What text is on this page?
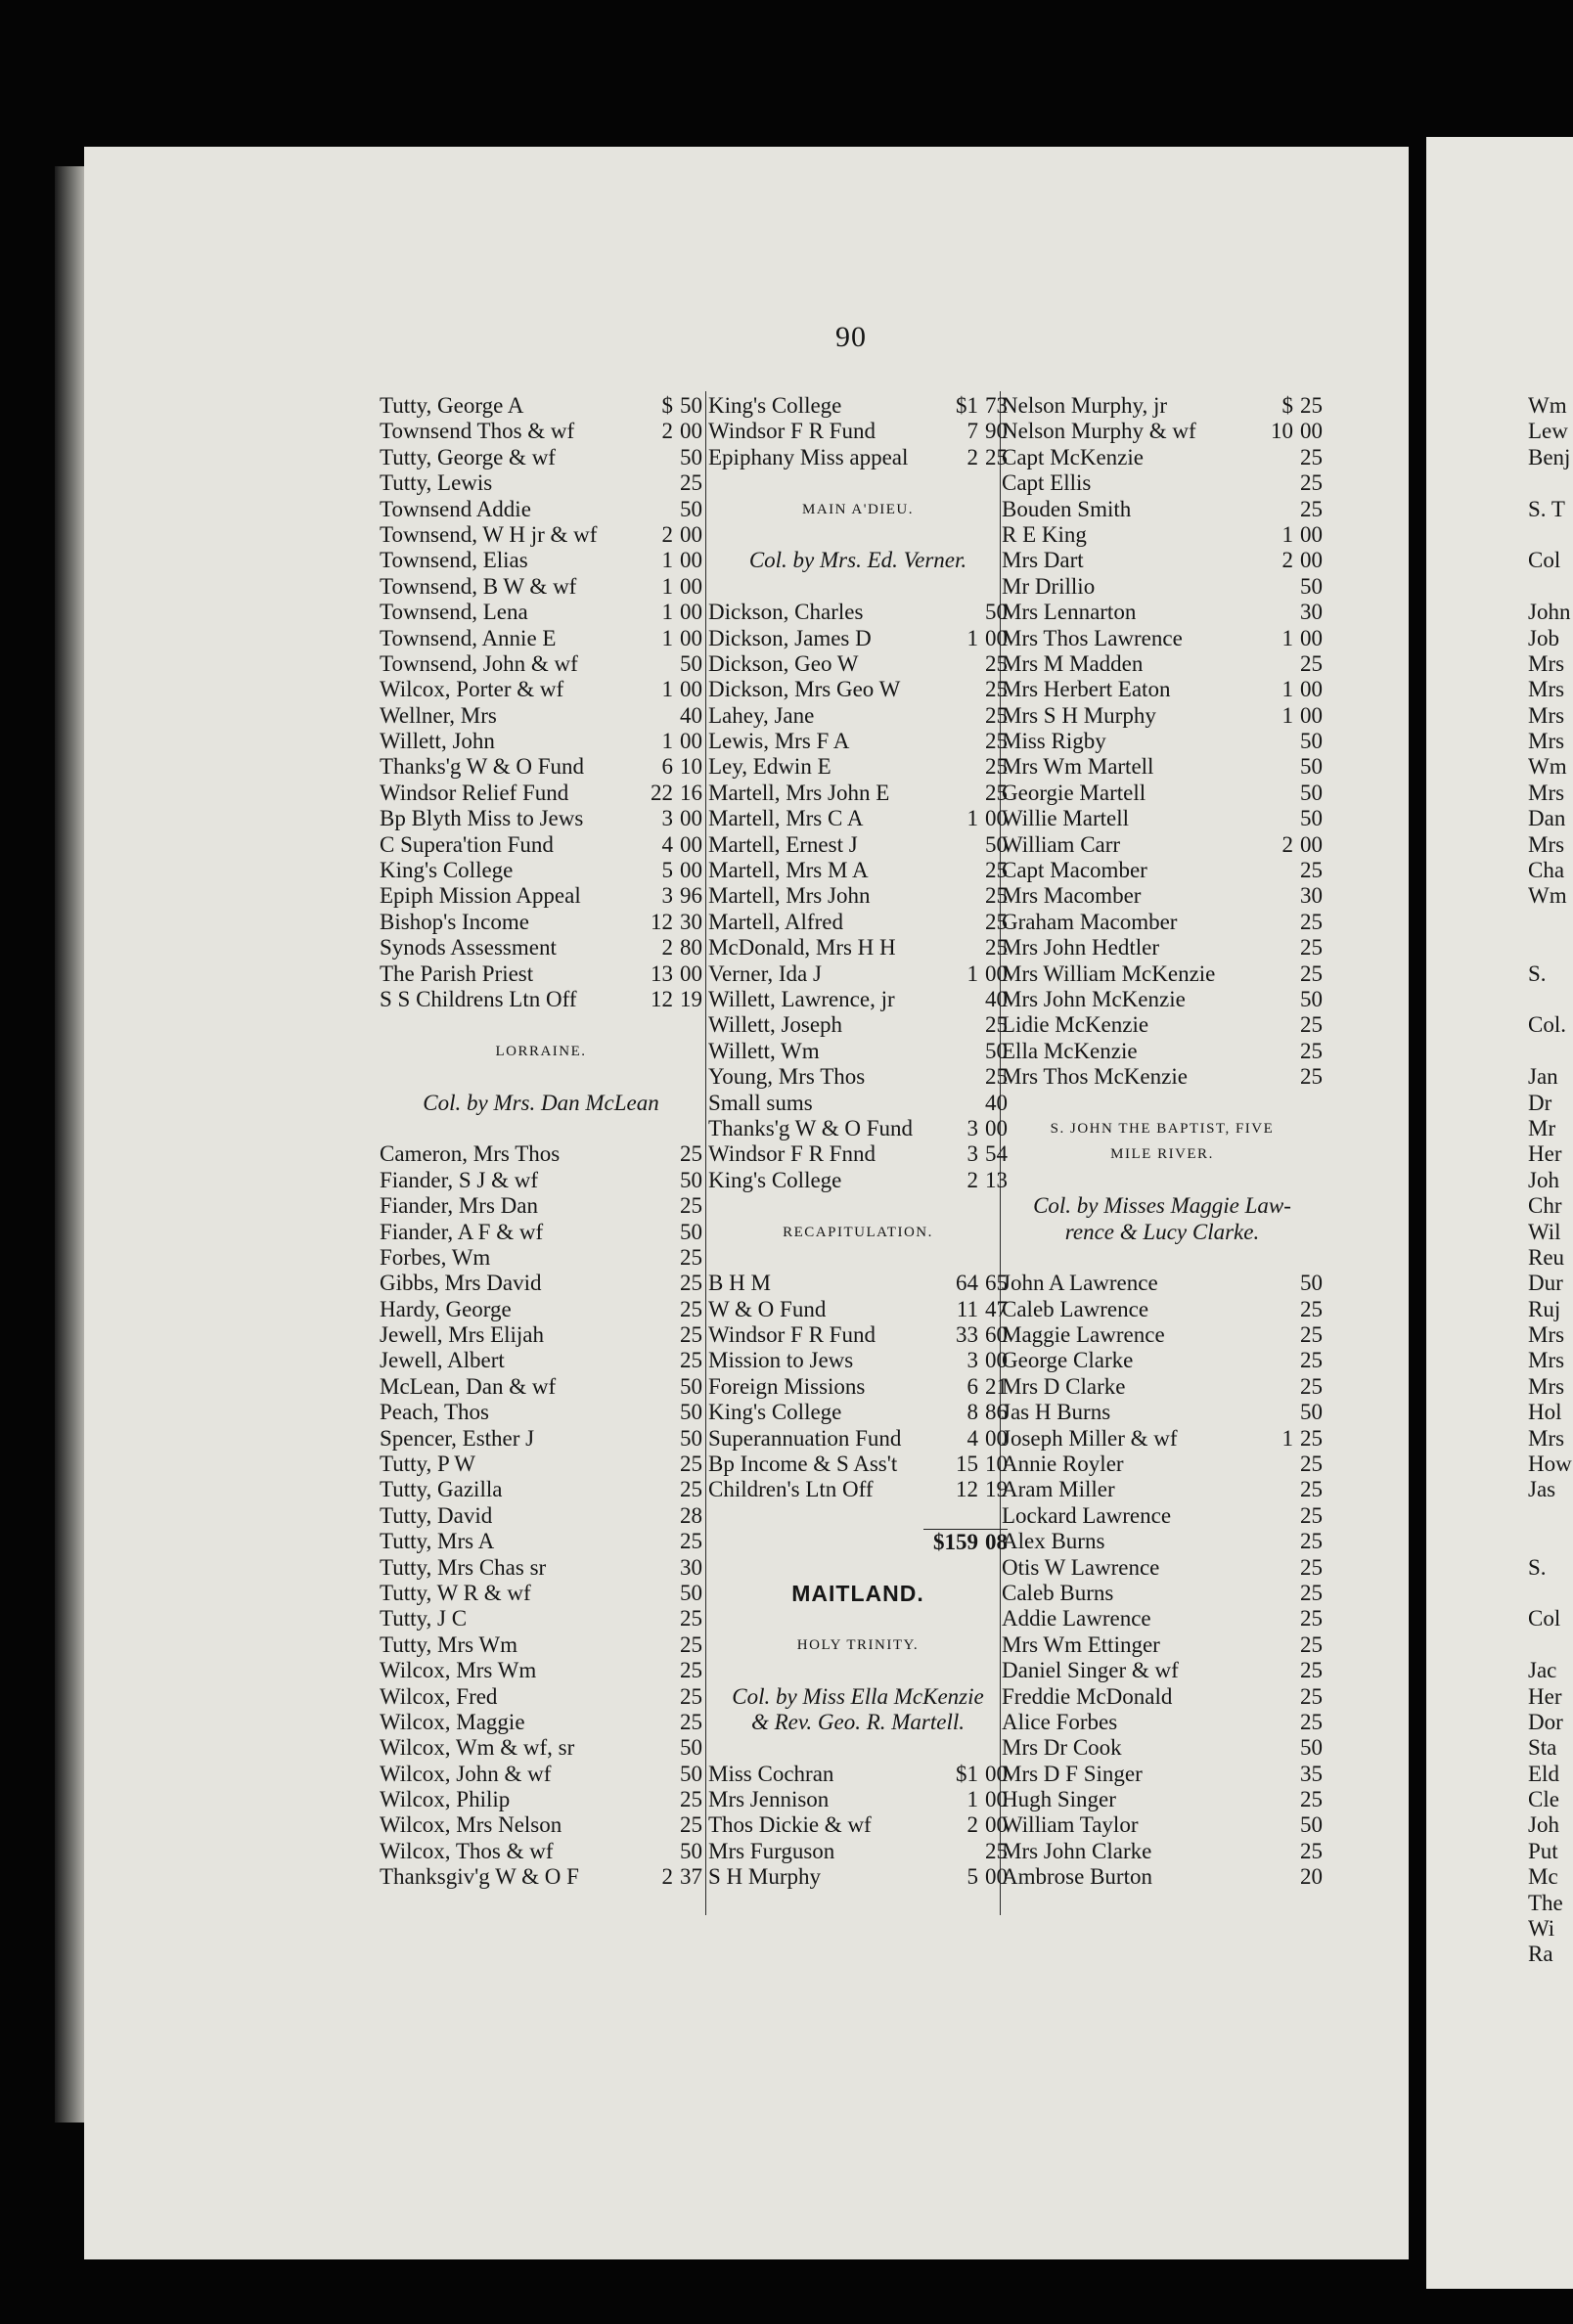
90
Tutty, George A	$ 50
Townsend Thos & wf	2 00
Tutty, George & wf	50
Tutty, Lewis	25
Townsend Addie	50
Townsend, W H jr & wf	2 00
Townsend, Elias	1 00
Townsend, B W & wf	1 00
Townsend, Lena	1 00
Townsend, Annie E	1 00
Townsend, John & wf	50
Wilcox, Porter & wf	1 00
Wellner, Mrs	40
Willett, John	1 00
Thanks'g W & O Fund	6 10
Windsor Relief Fund	22 16
Bp Blyth Miss to Jews	3 00
C Supera'tion Fund	4 00
King's College	5 00
Epiph Mission Appeal	3 96
Bishop's Income	12 30
Synods Assessment	2 80
The Parish Priest	13 00
S S Childrens Ltn Off	12 19
LORRAINE.
Col. by Mrs. Dan McLean
Cameron, Mrs Thos	25
Fiander, S J & wf	50
Fiander, Mrs Dan	25
Fiander, A F & wf	50
Forbes, Wm	25
Gibbs, Mrs David	25
Hardy, George	25
Jewell, Mrs Elijah	25
Jewell, Albert	25
McLean, Dan & wf	50
Peach, Thos	50
Spencer, Esther J	50
Tutty, P W	25
Tutty, Gazilla	25
Tutty, David	28
Tutty, Mrs A	25
Tutty, Mrs Chas sr	30
Tutty, W R & wf	50
Tutty, J C	25
Tutty, Mrs Wm	25
Wilcox, Mrs Wm	25
Wilcox, Fred	25
Wilcox, Maggie	25
Wilcox, Wm & wf, sr	50
Wilcox, John & wf	50
Wilcox, Philip	25
Wilcox, Mrs Nelson	25
Wilcox, Thos & wf	50
Thanksgiv'g W & O F	2 37
King's College	$1 73
Windsor F R Fund	7 90
Epiphany Miss appeal	2 25
MAIN A'DIEU.
Col. by Mrs. Ed. Verner.
Dickson, Charles	50
Dickson, James D	1 00
Dickson, Geo W	25
Dickson, Mrs Geo W	25
Lahey, Jane	25
Lewis, Mrs F A	25
Ley, Edwin E	25
Martell, Mrs John E	25
Martell, Mrs C A	1 00
Martell, Ernest J	50
Martell, Mrs M A	25
Martell, Mrs John	25
Martell, Alfred	25
McDonald, Mrs H H	25
Verner, Ida J	1 00
Willett, Lawrence, jr	40
Willett, Joseph	25
Willett, Wm	50
Young, Mrs Thos	25
Small sums	40
Thanks'g W & O Fund	3 00
Windsor F R Fnnd	3 54
King's College	2 13
RECAPITULATION.
B H M	64 65
W & O Fund	11 47
Windsor F R Fund	33 60
Mission to Jews	3 00
Foreign Missions	6 21
King's College	8 86
Superannuation Fund	4 00
Bp Income & S Ass't	15 10
Children's Ltn Off	12 19
$159 08
MAITLAND.
HOLY TRINITY.
Col. by Miss Ella McKenzie
& Rev. Geo. R. Martell.
Miss Cochran	$1 00
Mrs Jennison	1 00
Thos Dickie & wf	2 00
Mrs Furguson	25
S H Murphy	5 00
Nelson Murphy, jr	$ 25
Nelson Murphy & wf	10 00
Capt McKenzie	25
Capt Ellis	25
Bouden Smith	25
R E King	1 00
Mrs Dart	2 00
Mr Drillio	50
Mrs Lennarton	30
Mrs Thos Lawrence	1 00
Mrs M Madden	25
Mrs Herbert Eaton	1 00
Mrs S H Murphy	1 00
Miss Rigby	50
Mrs Wm Martell	50
Georgie Martell	50
Willie Martell	50
William Carr	2 00
Capt Macomber	25
Mrs Macomber	30
Graham Macomber	25
Mrs John Hedtler	25
Mrs William McKenzie	25
Mrs John McKenzie	50
Lidie McKenzie	25
Ella McKenzie	25
Mrs Thos McKenzie	25
S. JOHN THE BAPTIST, FIVE
MILE RIVER.
Col. by Misses Maggie Law-
rence & Lucy Clarke.
John A Lawrence	50
Caleb Lawrence	25
Maggie Lawrence	25
George Clarke	25
Mrs D Clarke	25
Jas H Burns	50
Joseph Miller & wf	1 25
Annie Royler	25
Aram Miller	25
Lockard Lawrence	25
Alex Burns	25
Otis W Lawrence	25
Caleb Burns	25
Addie Lawrence	25
Mrs Wm Ettinger	25
Daniel Singer & wf	25
Freddie McDonald	25
Alice Forbes	25
Mrs Dr Cook	50
Mrs D F Singer	35
Hugh Singer	25
William Taylor	50
Mrs John Clarke	25
Ambrose Burton	20
Wm
Lew
Benj
S. T
Col
John
Job
Mrs
Mrs
Mrs
Mrs
Wm
Mrs
Dan
Mrs
Cha
Wm
S.
Col.
Jan
Dr
Mr
Her
Joh
Chr
Wil
Reu
Dur
Ruj
Mrs
Mrs
Mrs
Hol
Mrs
How
Jas
S.
Col
Jac
Her
Dor
Sta
Eld
Cle
Joh
Put
Mc
The
Wi
Ra
